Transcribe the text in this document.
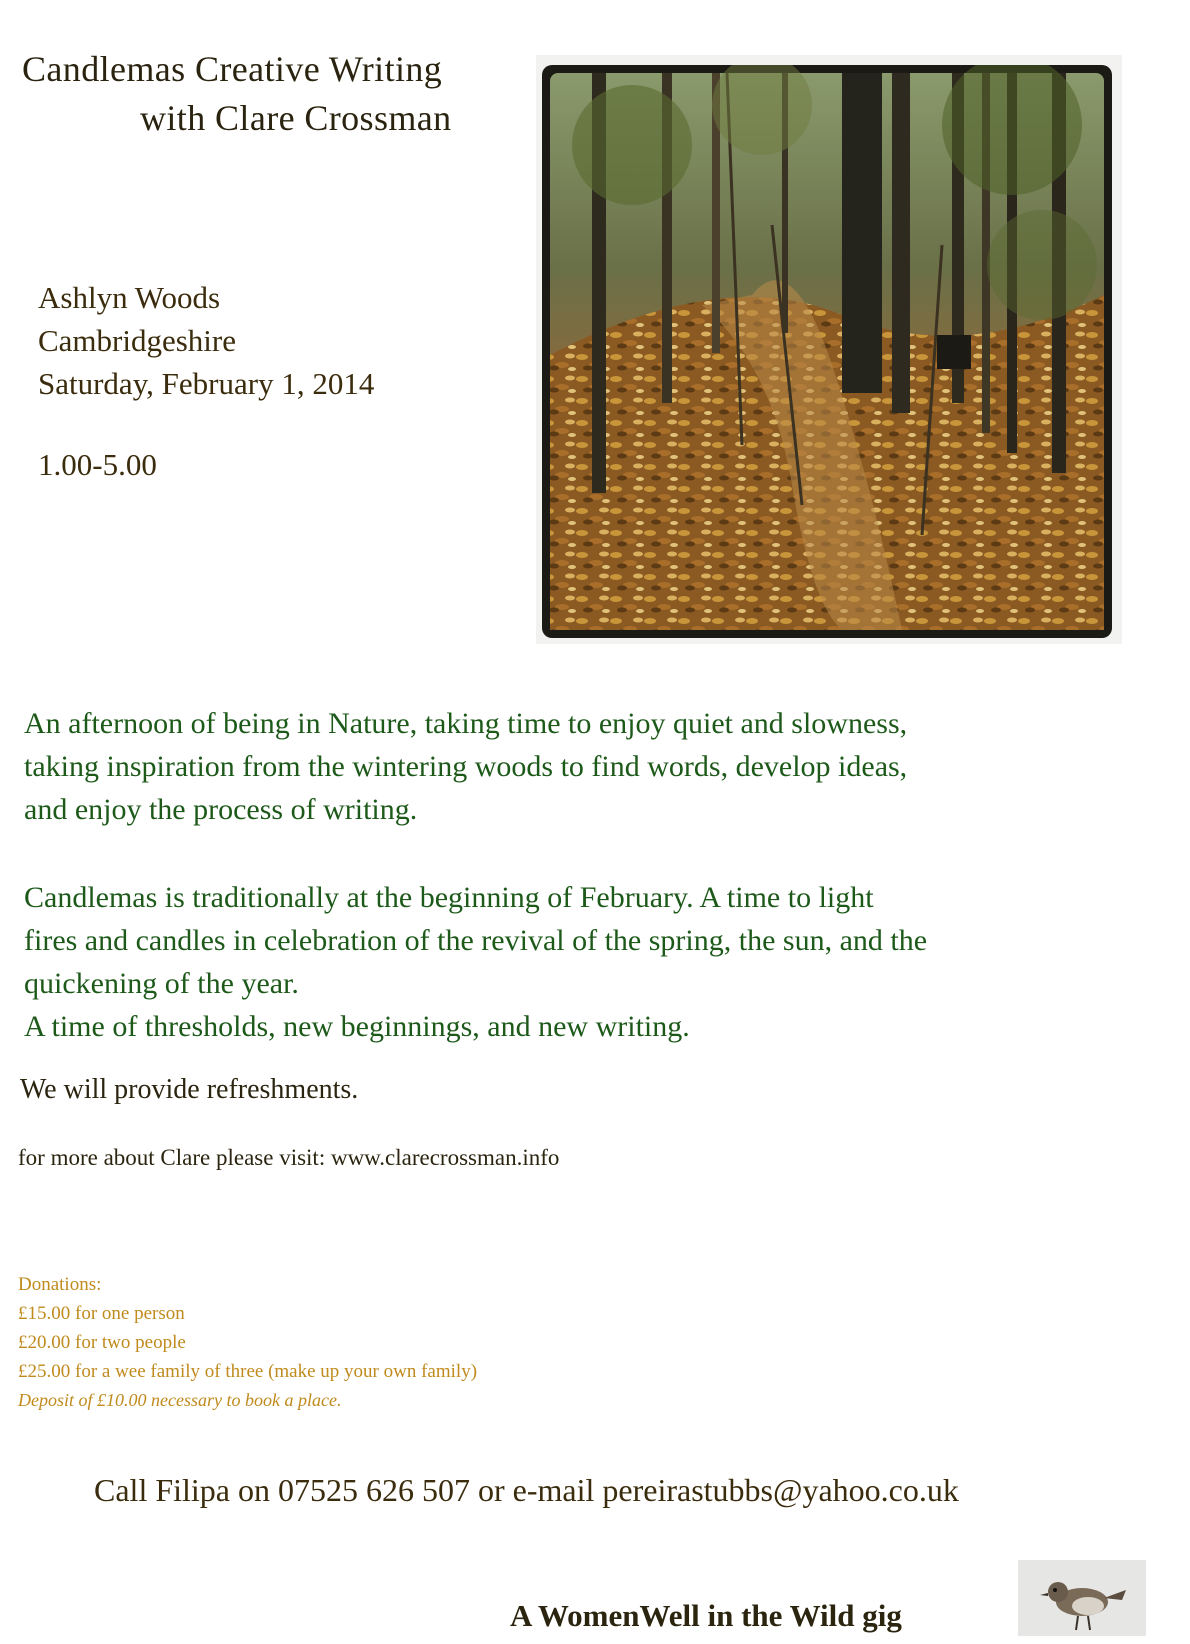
Candlemas Creative Writing
with Clare Crossman
Ashlyn Woods
Cambridgeshire
Saturday, February 1, 2014
1.00-5.00
An afternoon of being in Nature, taking time to enjoy quiet and slowness,
taking inspiration from the wintering woods to find words, develop ideas,
and enjoy the process of writing.
Candlemas is traditionally at the beginning of February. A time to light
fires and candles in celebration of the revival of the spring, the sun, and the
quickening of the year.
A time of thresholds, new beginnings, and new writing.
We will provide refreshments.
for more about Clare please visit: www.clarecrossman.info
Donations:
£15.00 for one person
£20.00 for two people
£25.00 for a wee family of three (make up your own family)
Deposit of £10.00 necessary to book a place.
Call Filipa on 07525 626 507 or e-mail pereirastubbs@yahoo.co.uk
A WomenWell in the Wild gig
